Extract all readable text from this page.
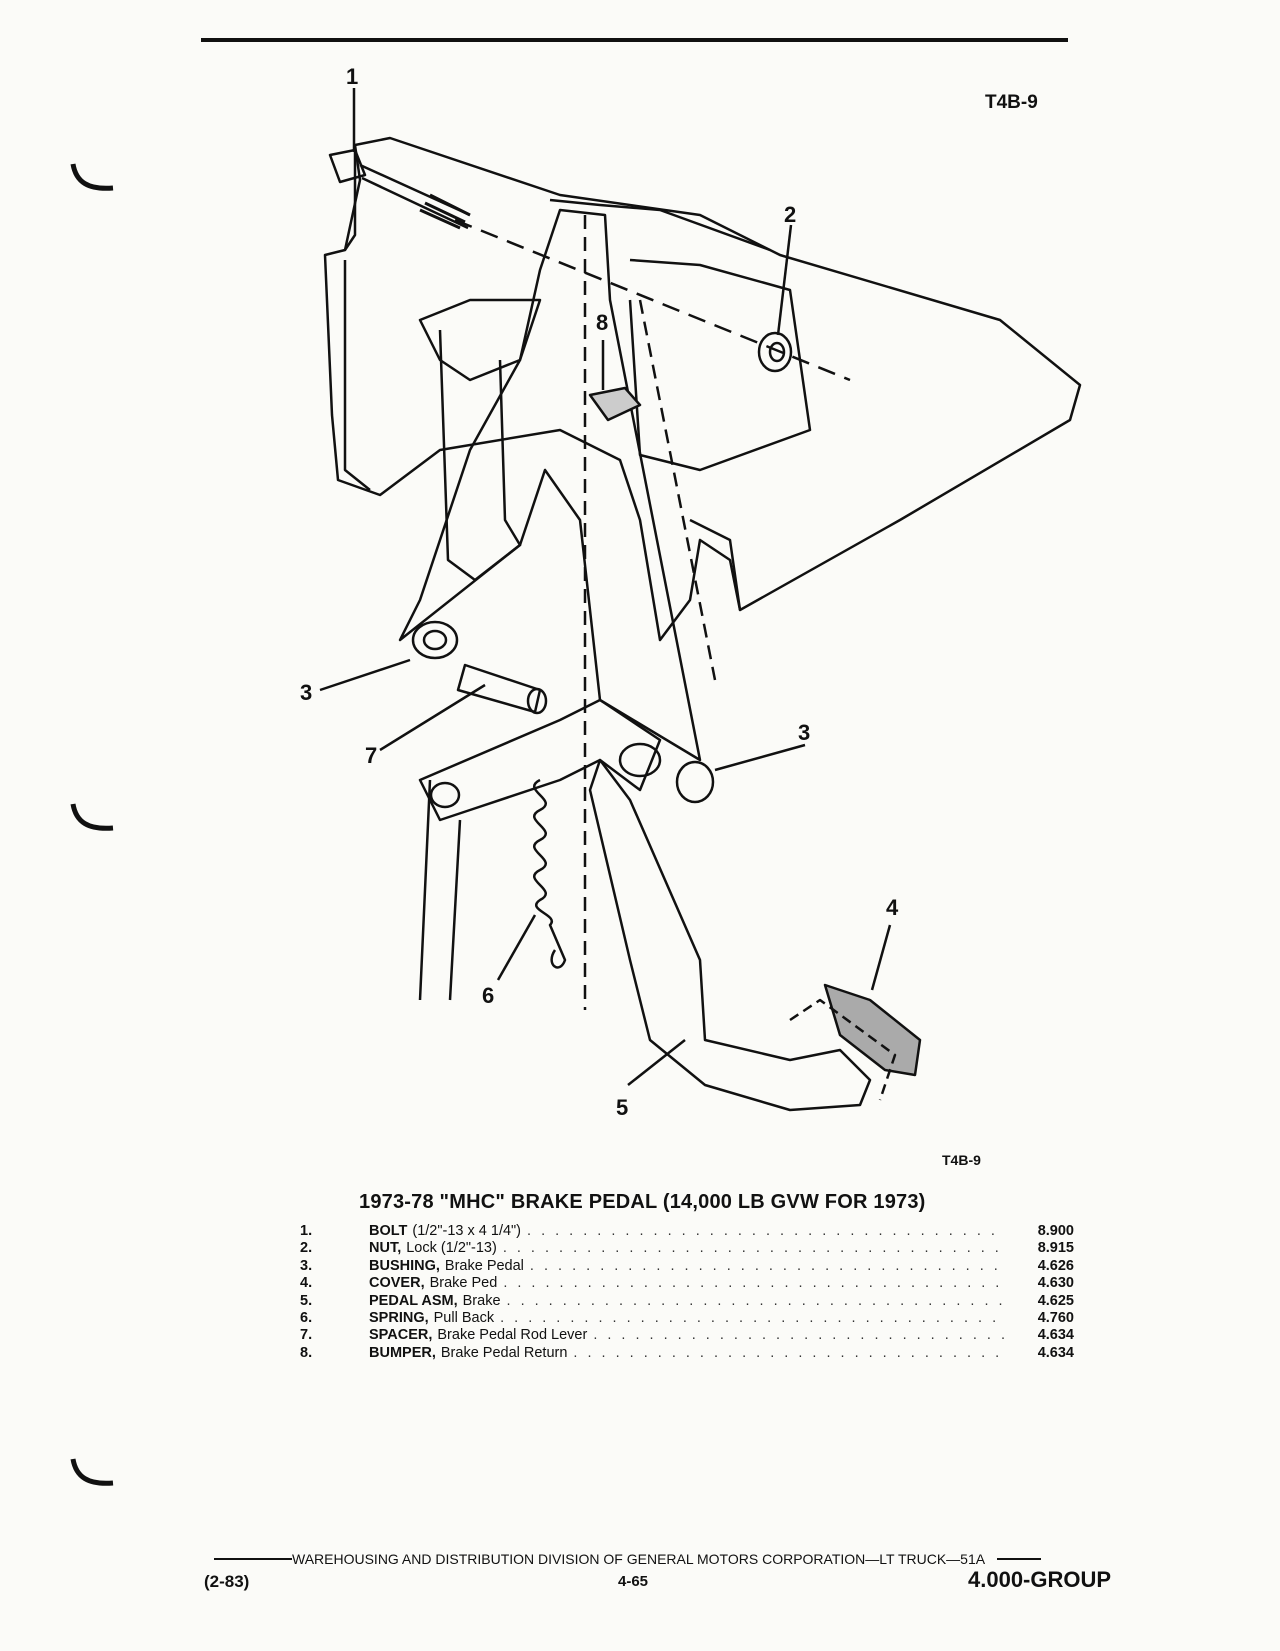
T4B-9
1
2
3
3
4
5
6
7
8
T4B-9
1973-78 "MHC" BRAKE PEDAL (14,000 LB GVW FOR 1973)
1.	BOLT (1/2"-13 x 4 1/4") . . .	8.900
2.	NUT, Lock (1/2"-13) . . .	8.915
3.	BUSHING, Brake Pedal . . .	4.626
4.	COVER, Brake Ped . . .	4.630
5.	PEDAL ASM, Brake . . .	4.625
6.	SPRING, Pull Back . . .	4.760
7.	SPACER, Brake Pedal Rod Lever . . .	4.634
8.	BUMPER, Brake Pedal Return . . .	4.634
WAREHOUSING AND DISTRIBUTION DIVISION OF GENERAL MOTORS CORPORATION—LT TRUCK—51A
(2-83)	4-65	4.000-GROUP
